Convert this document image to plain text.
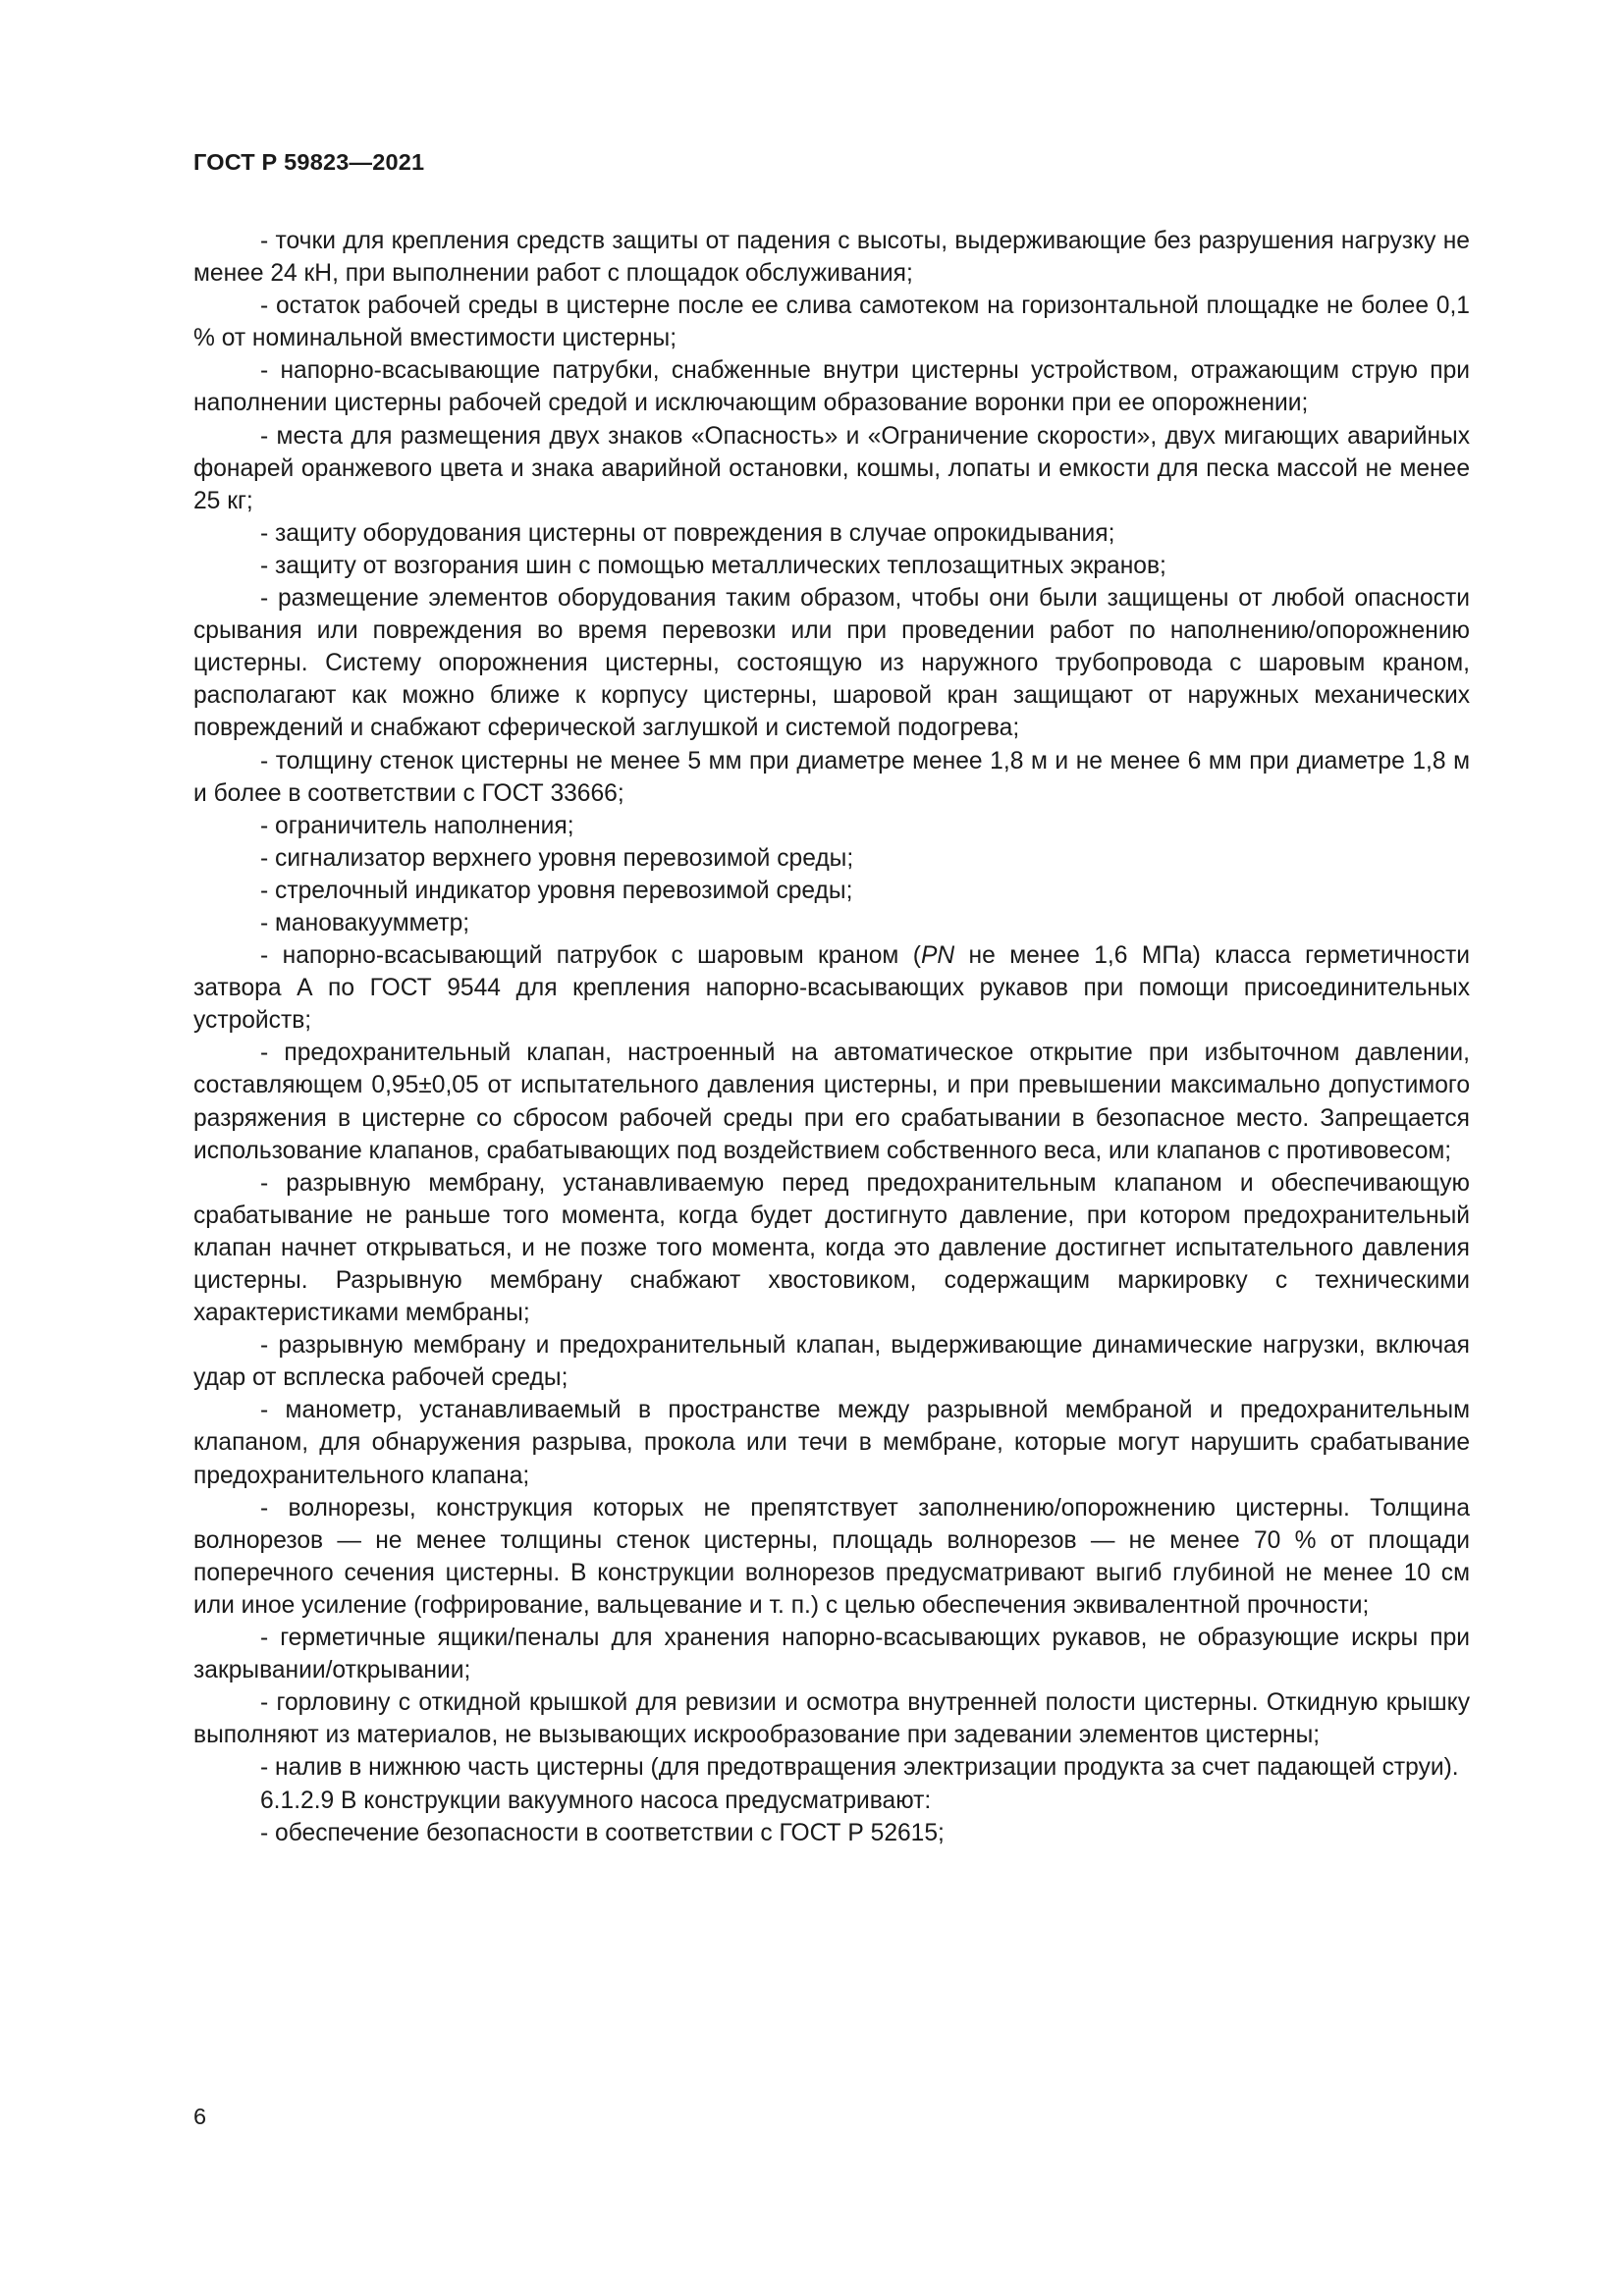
ГОСТ Р 59823—2021

- точки для крепления средств защиты от падения с высоты, выдерживающие без разрушения нагрузку не менее 24 кН, при выполнении работ с площадок обслуживания;

- остаток рабочей среды в цистерне после ее слива самотеком на горизонтальной площадке не более 0,1 % от номинальной вместимости цистерны;

- напорно-всасывающие патрубки, снабженные внутри цистерны устройством, отражающим струю при наполнении цистерны рабочей средой и исключающим образование воронки при ее опорожнении;

- места для размещения двух знаков «Опасность» и «Ограничение скорости», двух мигающих аварийных фонарей оранжевого цвета и знака аварийной остановки, кошмы, лопаты и емкости для песка массой не менее 25 кг;

- защиту оборудования цистерны от повреждения в случае опрокидывания;

- защиту от возгорания шин с помощью металлических теплозащитных экранов;

- размещение элементов оборудования таким образом, чтобы они были защищены от любой опасности срывания или повреждения во время перевозки или при проведении работ по наполнению/опорожнению цистерны. Систему опорожнения цистерны, состоящую из наружного трубопровода с шаровым краном, располагают как можно ближе к корпусу цистерны, шаровой кран защищают от наружных механических повреждений и снабжают сферической заглушкой и системой подогрева;

- толщину стенок цистерны не менее 5 мм при диаметре менее 1,8 м и не менее 6 мм при диаметре 1,8 м и более в соответствии с ГОСТ 33666;

- ограничитель наполнения;

- сигнализатор верхнего уровня перевозимой среды;

- стрелочный индикатор уровня перевозимой среды;

- мановакуумметр;

- напорно-всасывающий патрубок с шаровым краном (PN не менее 1,6 МПа) класса герметичности затвора А по ГОСТ 9544 для крепления напорно-всасывающих рукавов при помощи присоединительных устройств;

- предохранительный клапан, настроенный на автоматическое открытие при избыточном давлении, составляющем 0,95±0,05 от испытательного давления цистерны, и при превышении максимально допустимого разряжения в цистерне со сбросом рабочей среды при его срабатывании в безопасное место. Запрещается использование клапанов, срабатывающих под воздействием собственного веса, или клапанов с противовесом;

- разрывную мембрану, устанавливаемую перед предохранительным клапаном и обеспечивающую срабатывание не раньше того момента, когда будет достигнуто давление, при котором предохранительный клапан начнет открываться, и не позже того момента, когда это давление достигнет испытательного давления цистерны. Разрывную мембрану снабжают хвостовиком, содержащим маркировку с техническими характеристиками мембраны;

- разрывную мембрану и предохранительный клапан, выдерживающие динамические нагрузки, включая удар от всплеска рабочей среды;

- манометр, устанавливаемый в пространстве между разрывной мембраной и предохранительным клапаном, для обнаружения разрыва, прокола или течи в мембране, которые могут нарушить срабатывание предохранительного клапана;

- волнорезы, конструкция которых не препятствует заполнению/опорожнению цистерны. Толщина волнорезов — не менее толщины стенок цистерны, площадь волнорезов — не менее 70 % от площади поперечного сечения цистерны. В конструкции волнорезов предусматривают выгиб глубиной не менее 10 см или иное усиление (гофрирование, вальцевание и т. п.) с целью обеспечения эквивалентной прочности;

- герметичные ящики/пеналы для хранения напорно-всасывающих рукавов, не образующие искры при закрывании/открывании;

- горловину с откидной крышкой для ревизии и осмотра внутренней полости цистерны. Откидную крышку выполняют из материалов, не вызывающих искрообразование при задевании элементов цистерны;

- налив в нижнюю часть цистерны (для предотвращения электризации продукта за счет падающей струи).

6.1.2.9 В конструкции вакуумного насоса предусматривают:

- обеспечение безопасности в соответствии с ГОСТ Р 52615;

6
